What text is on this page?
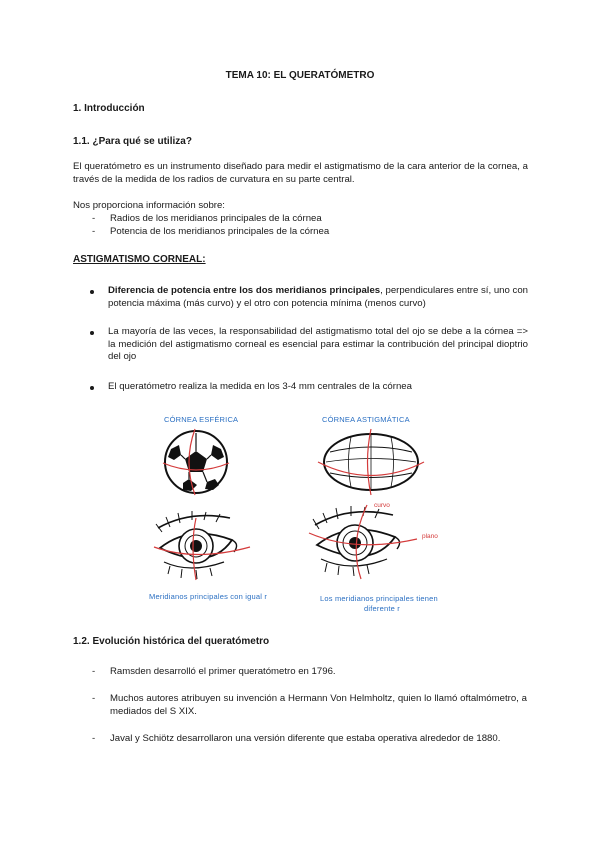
TEMA 10: EL QUERATÓMETRO
1. Introducción
1.1. ¿Para qué se utiliza?
El queratómetro es un instrumento diseñado para medir el astigmatismo de la cara anterior de la cornea, a través de la medida de los radios de curvatura en su parte central.
Nos proporciona información sobre:
- Radios de los meridianos principales de la córnea
- Potencia de los meridianos principales de la córnea
ASTIGMATISMO CORNEAL:
Diferencia de potencia entre los dos meridianos principales, perpendiculares entre sí, uno con potencia máxima (más curvo) y el otro con potencia mínima (menos curvo)
La mayoría de las veces, la responsabilidad del astigmatismo total del ojo se debe a la córnea => la medición del astigmatismo corneal es esencial para estimar la contribución del principal dioptrio del ojo
El queratómetro realiza la medida en los 3-4 mm centrales de la córnea
CÓRNEA ESFÉRICA	CÓRNEA ASTIGMÁTICA
curvo
plano
Meridianos principales con igual r	Los meridianos principales tienen
diferente r
1.2. Evolución histórica del queratómetro
- Ramsden desarrolló el primer queratómetro en 1796.
- Muchos autores atribuyen su invención a Hermann Von Helmholtz, quien lo llamó oftalmómetro, a mediados del S XIX.
- Javal y Schiötz desarrollaron una versión diferente que estaba operativa alrededor de 1880.
